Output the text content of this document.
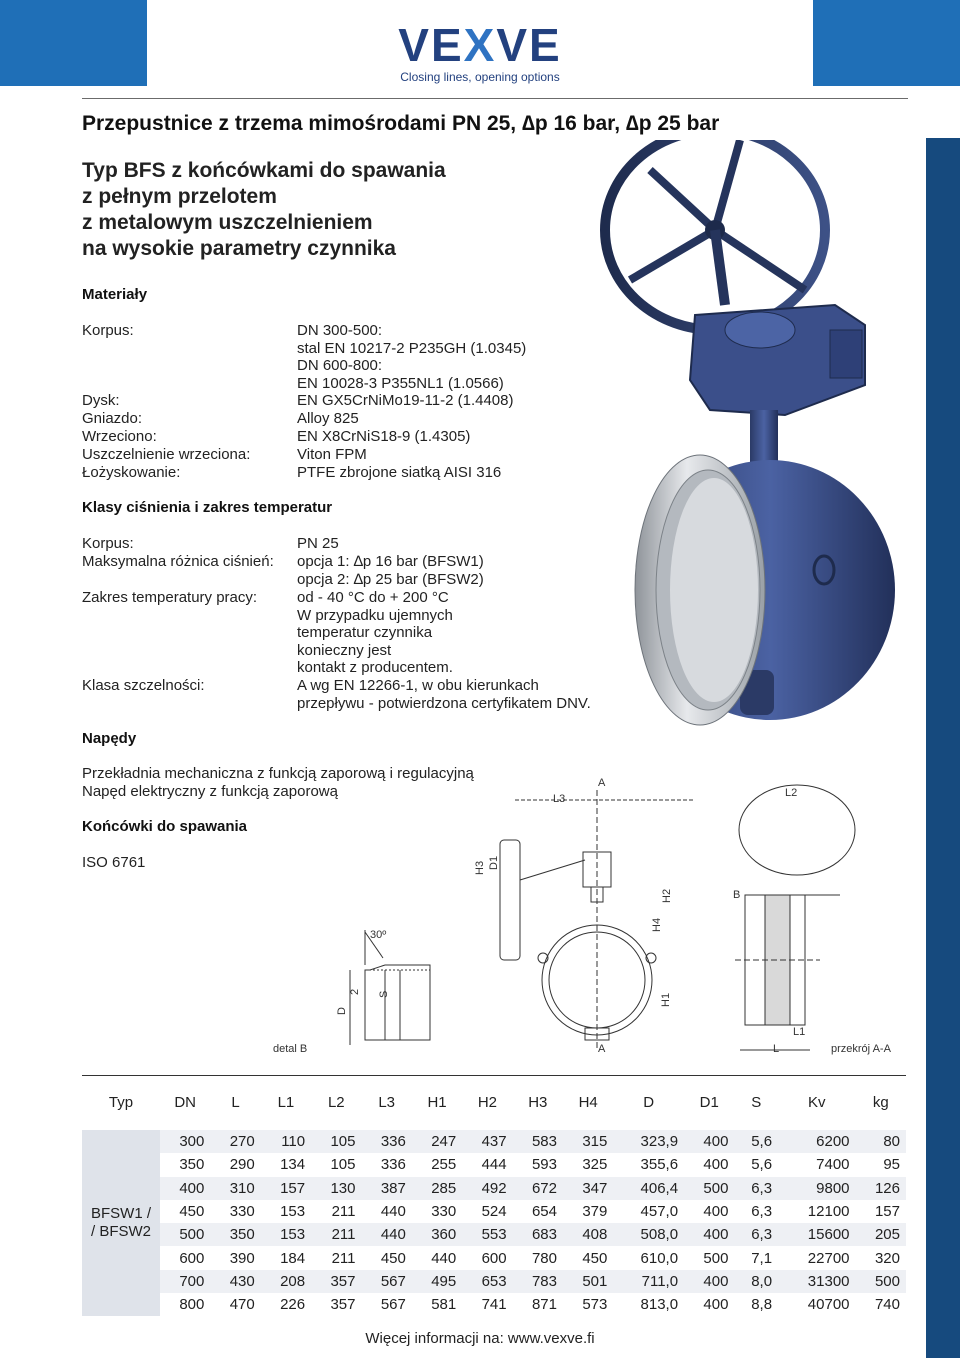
VEXVE
Closing lines, opening options
Przepustnice z trzema mimośrodami PN 25, ∆p 16 bar, ∆p 25 bar
Typ BFS z końcówkami do spawania
z pełnym przelotem
z metalowym uszczelnieniem
na wysokie parametry czynnika
Materiały
Korpus:	DN 300-500:
stal EN 10217-2 P235GH (1.0345)
DN 600-800:
EN 10028-3 P355NL1 (1.0566)
Dysk:	EN GX5CrNiMo19-11-2 (1.4408)
Gniazdo:	Alloy 825
Wrzeciono:	EN X8CrNiS18-9 (1.4305)
Uszczelnienie wrzeciona:	Viton FPM
Łożyskowanie:	PTFE zbrojone siatką AISI 316
Klasy ciśnienia i zakres temperatur
Korpus:	PN 25
Maksymalna różnica ciśnień: opcja 1: ∆p 16 bar (BFSW1)
opcja 2: ∆p 25 bar (BFSW2)
Zakres temperatury pracy:	od - 40 °C do + 200 °C
W przypadku ujemnych
temperatur czynnika
konieczny jest
kontakt z producentem.
Klasa szczelności:	A wg EN 12266-1, w obu kierunkach
przepływu - potwierdzona certyfikatem DNV.
Napędy
Przekładnia mechaniczna z funkcją zaporową i regulacyjną
Napęd elektryczny z funkcją zaporową
Końcówki do spawania
ISO 6761
detal B
30º
D
2 S
L3
A
A
D1
H3
H2
H4
H1
L2
B
L1
L	przekrój A-A
Typ	DN	L	L1	L2	L3	H1	H2	H3	H4	D	D1	S	Kv	kg

BFSW1 /
/ BFSW2	300	270	110	105	336	247	437	583	315	323,9	400	5,6	6200	80
	350	290	134	105	336	255	444	593	325	355,6	400	5,6	7400	95
	400	310	157	130	387	285	492	672	347	406,4	500	6,3	9800	126
	450	330	153	211	440	330	524	654	379	457,0	400	6,3	12100	157
	500	350	153	211	440	360	553	683	408	508,0	400	6,3	15600	205
	600	390	184	211	450	440	600	780	450	610,0	500	7,1	22700	320
	700	430	208	357	567	495	653	783	501	711,0	400	8,0	31300	500
	800	470	226	357	567	581	741	871	573	813,0	400	8,8	40700	740
Więcej informacji na: www.vexve.fi
